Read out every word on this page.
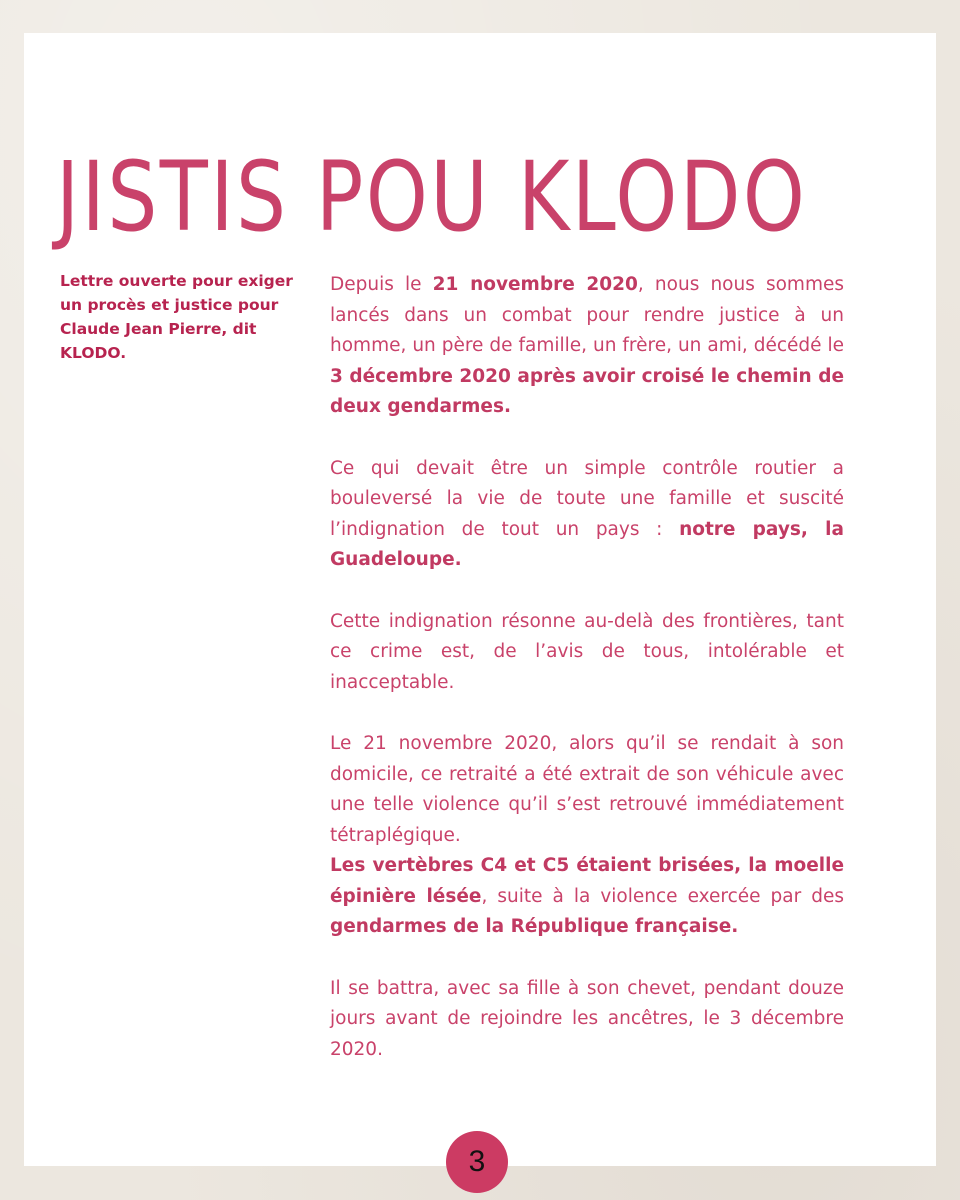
JISTIS POU KLODO

Lettre ouverte pour exiger un procès et justice pour Claude Jean Pierre, dit KLODO.

Depuis le 21 novembre 2020, nous nous sommes lancés dans un combat pour rendre justice à un homme, un père de famille, un frère, un ami, décédé le 3 décembre 2020 après avoir croisé le chemin de deux gendarmes.

Ce qui devait être un simple contrôle routier a bouleversé la vie de toute une famille et suscité l’indignation de tout un pays : notre pays, la Guadeloupe.

Cette indignation résonne au-delà des frontières, tant ce crime est, de l’avis de tous, intolérable et inacceptable.

Le 21 novembre 2020, alors qu’il se rendait à son domicile, ce retraité a été extrait de son véhicule avec une telle violence qu’il s’est retrouvé immédiatement tétraplégique.

Les vertèbres C4 et C5 étaient brisées, la moelle épinière lésée, suite à la violence exercée par des gendarmes de la République française.

Il se battra, avec sa fille à son chevet, pendant douze jours avant de rejoindre les ancêtres, le 3 décembre 2020.

3
